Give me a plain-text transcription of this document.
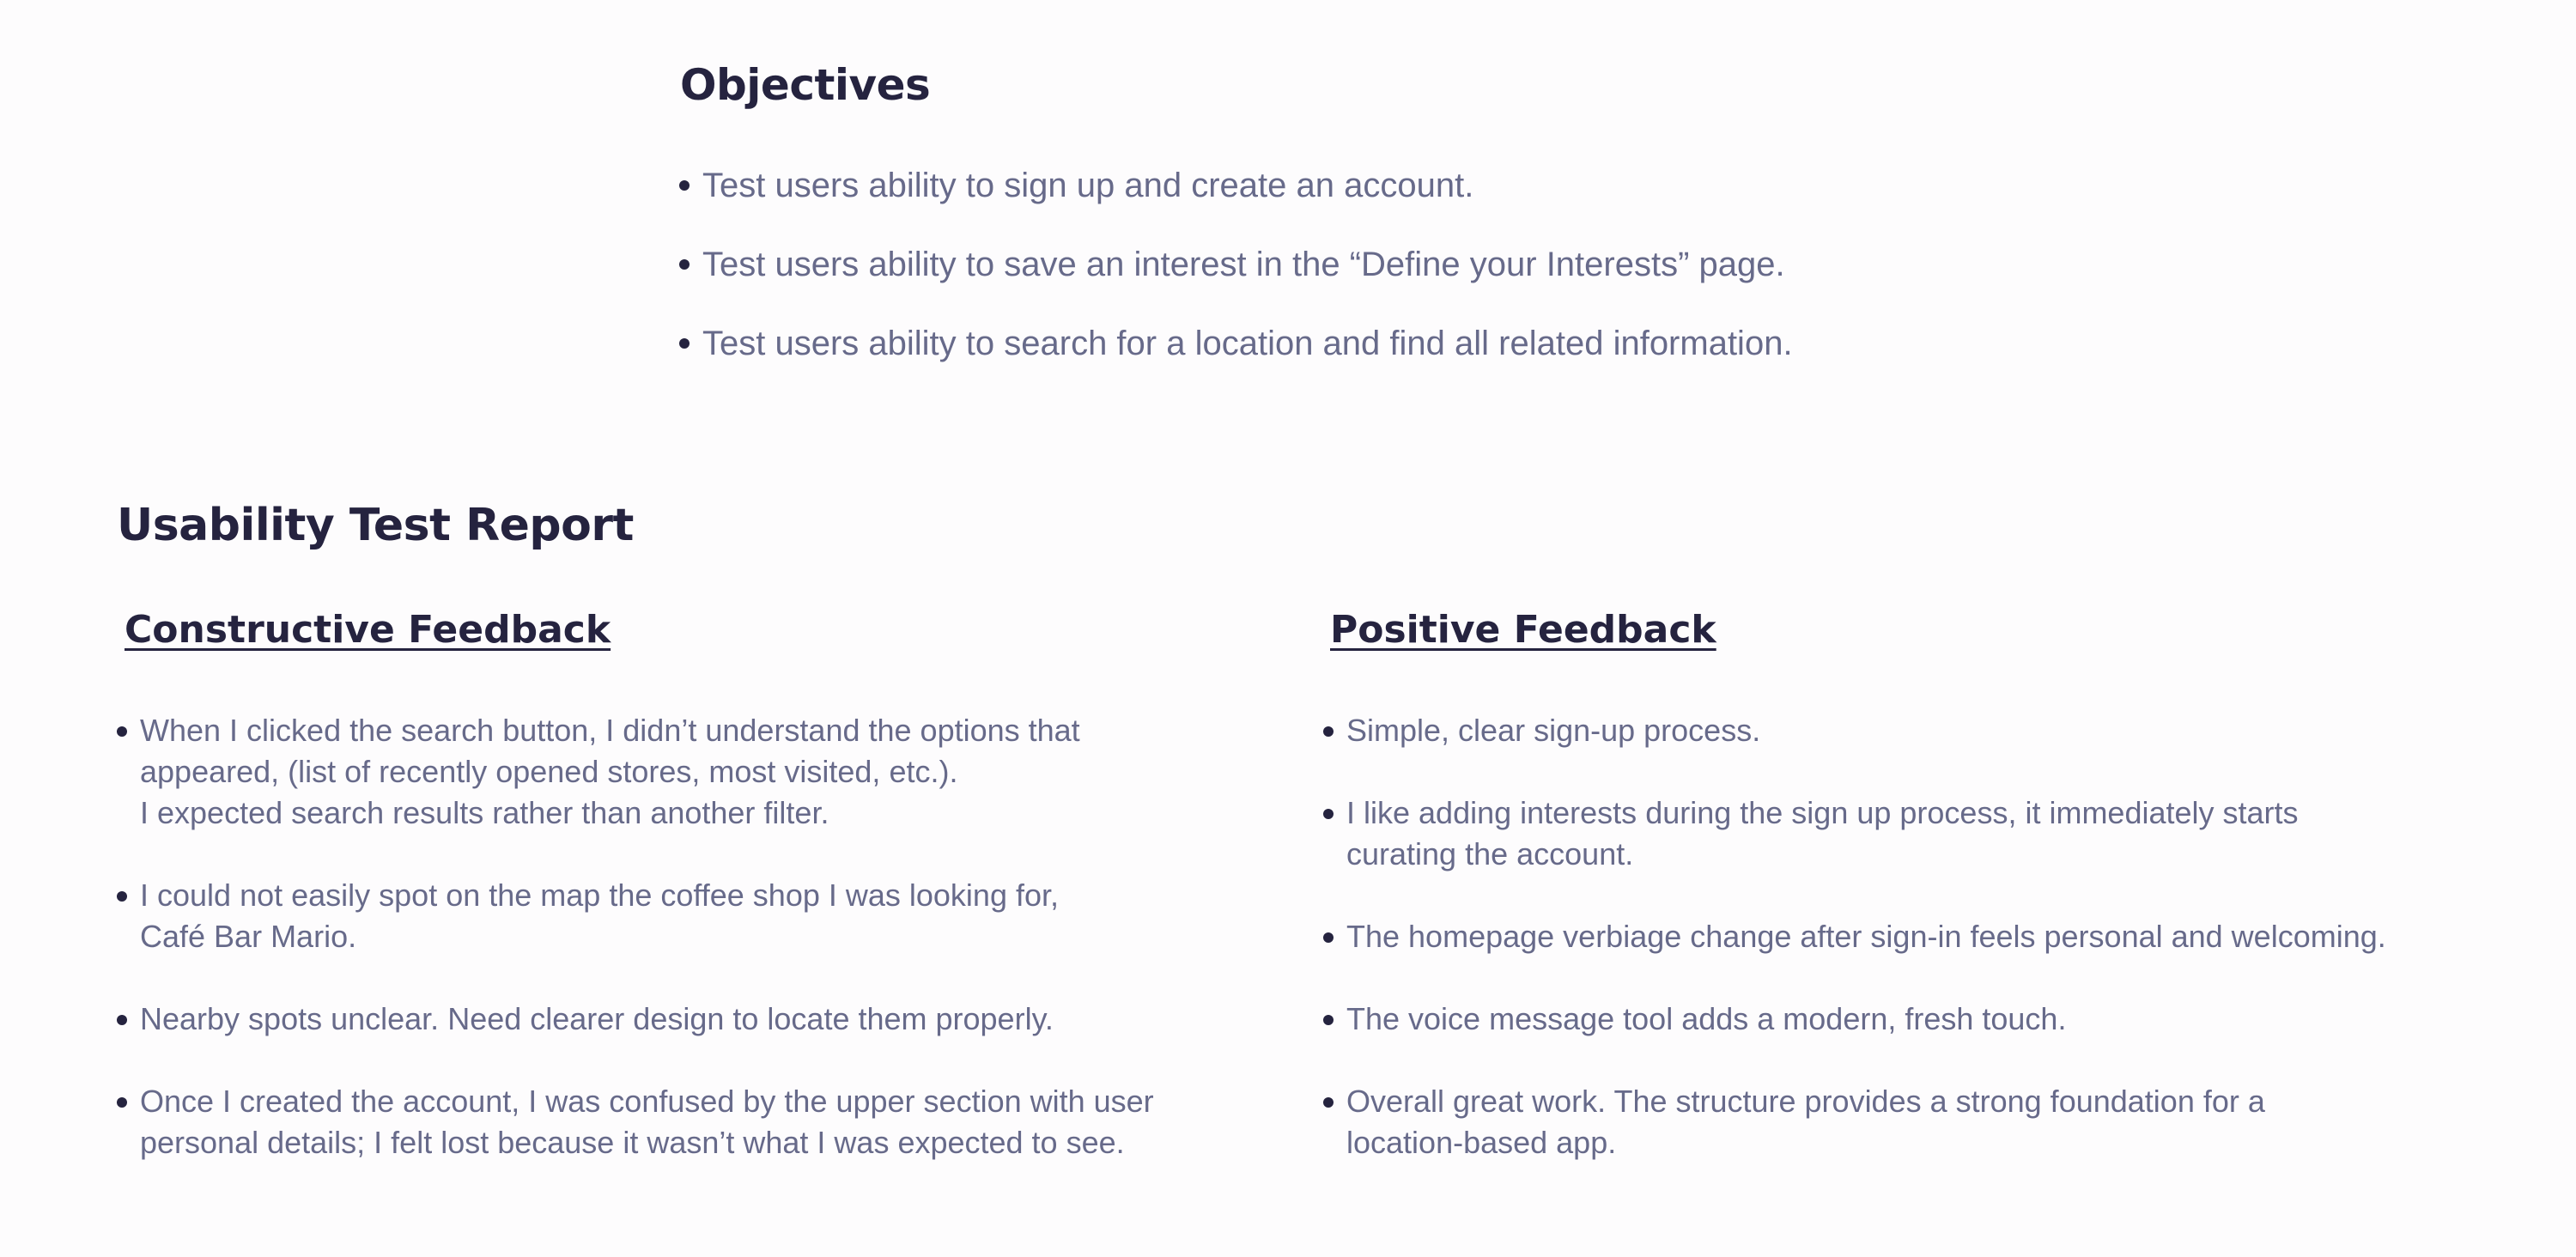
Objectives
Test users ability to sign up and create an account.
Test users ability to save an interest in the “Define your Interests” page.
Test users ability to search for a location and find all related information.
Usability Test Report
Constructive Feedback
When I clicked the search button, I didn’t understand the options that
appeared, (list of recently opened stores, most visited, etc.).
I expected search results rather than another filter.
I could not easily spot on the map the coffee shop I was looking for,
Café Bar Mario.
Nearby spots unclear. Need clearer design to locate them properly.
Once I created the account, I was confused by the upper section with user
personal details; I felt lost because it wasn’t what I was expected to see.
Positive Feedback
Simple, clear sign-up process.
I like adding interests during the sign up process, it immediately starts
curating the account.
The homepage verbiage change after sign-in feels personal and welcoming.
The voice message tool adds a modern, fresh touch.
Overall great work. The structure provides a strong foundation for a
location-based app.
